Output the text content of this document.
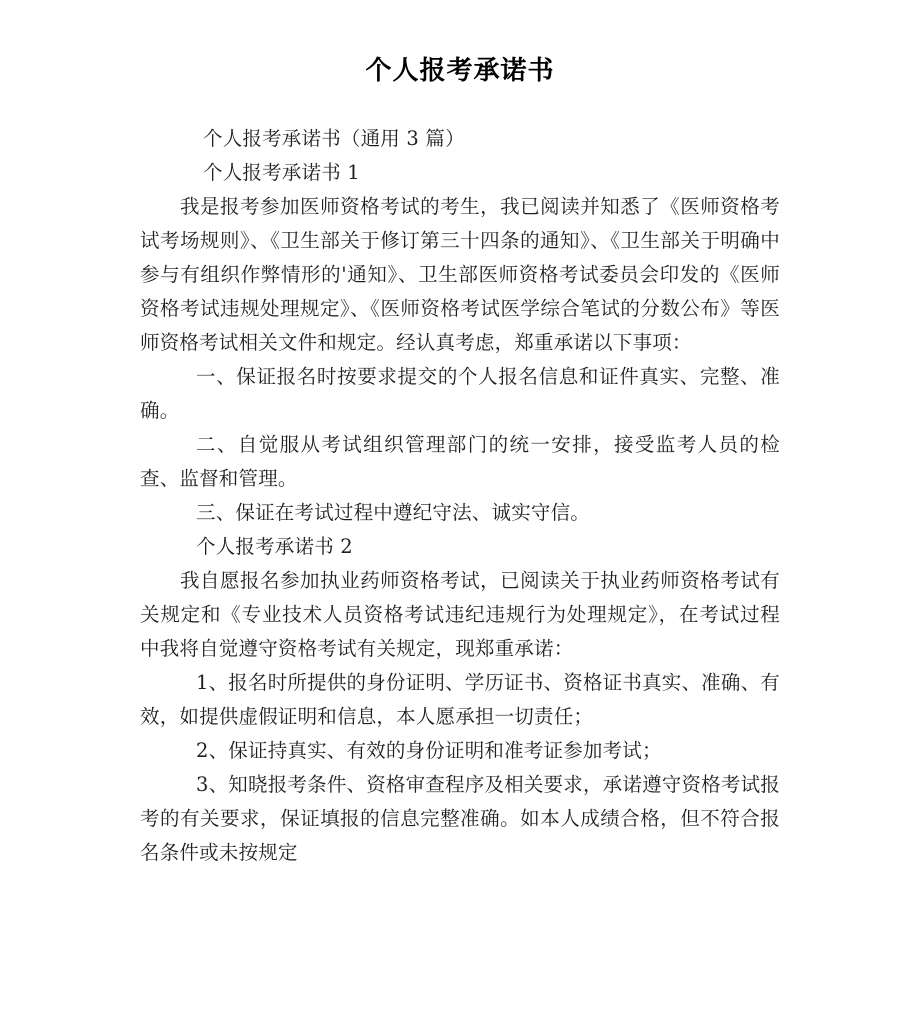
个人报考承诺书

个人报考承诺书（通用 3 篇）

个人报考承诺书 1

我是报考参加医师资格考试的考生，我已阅读并知悉了《医师资格考试考场规则》、《卫生部关于修订第三十四条的通知》、《卫生部关于明确中参与有组织作弊情形的'通知》、卫生部医师资格考试委员会印发的《医师资格考试违规处理规定》、《医师资格考试医学综合笔试的分数公布》等医师资格考试相关文件和规定。经认真考虑，郑重承诺以下事项：

一、保证报名时按要求提交的个人报名信息和证件真实、完整、准确。

二、自觉服从考试组织管理部门的统一安排，接受监考人员的检查、监督和管理。

三、保证在考试过程中遵纪守法、诚实守信。

个人报考承诺书 2

我自愿报名参加执业药师资格考试，已阅读关于执业药师资格考试有关规定和《专业技术人员资格考试违纪违规行为处理规定》，在考试过程中我将自觉遵守资格考试有关规定，现郑重承诺：

1、报名时所提供的身份证明、学历证书、资格证书真实、准确、有效，如提供虚假证明和信息，本人愿承担一切责任；

2、保证持真实、有效的身份证明和准考证参加考试；

3、知晓报考条件、资格审查程序及相关要求，承诺遵守资格考试报考的有关要求，保证填报的信息完整准确。如本人成绩合格，但不符合报名条件或未按规定
